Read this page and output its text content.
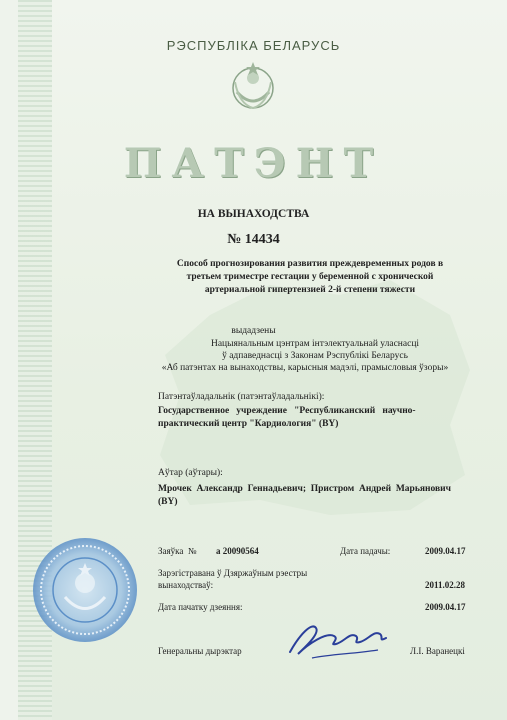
РЭСПУБЛІКА БЕЛАРУСЬ
ПАТЭНТ
НА ВЫНАХОДСТВА
№ 14434
Способ прогнозирования развития преждевременных родов в
третьем триместре гестации у беременной с хронической
артериальной гипертензией 2-й степени тяжести
выдадзены
Нацыянальным цэнтрам інтэлектуальнай уласнасці
ў адпаведнасці з Законам Рэспублікі Беларусь
«Аб патэнтах на вынаходствы, карысныя мадэлі, прамысловыя ўзоры»
Патэнтаўладальнік (патэнтаўладальнікі):
Государственное   учреждение   "Республиканский   научно-
практический центр "Кардиология" (BY)
Аўтар (аўтары):
Мрочек  Александр  Геннадьевич;  Пристром  Андрей  Марьянович
(BY)
Заяўка  № а 20090564	Дата падачы:	2009.04.17
Зарэгістравана ў Дзяржаўным рэестры
вынаходстваў:	2011.02.28
Дата пачатку дзеяння:	2009.04.17
Генеральны дырэктар	Л.І. Варанецкі
